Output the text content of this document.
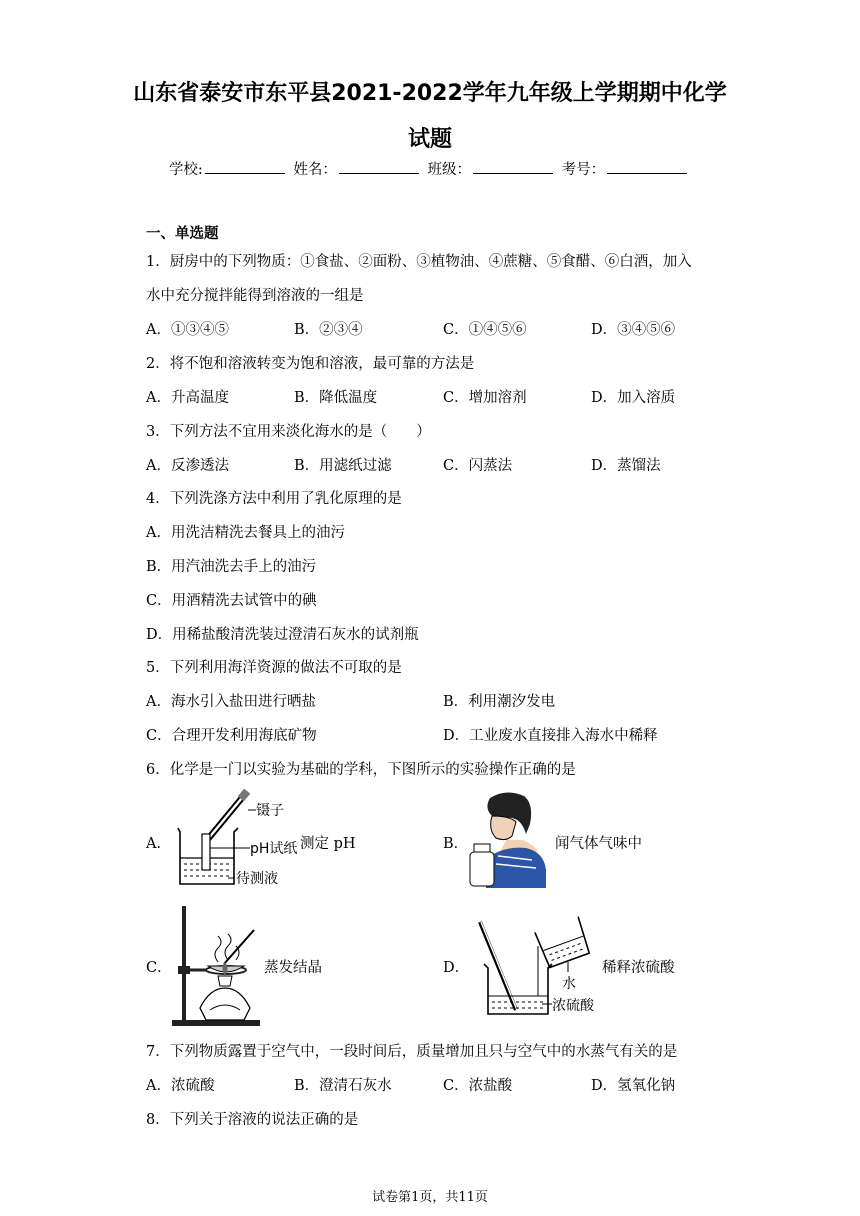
山东省泰安市东平县2021-2022学年九年级上学期期中化学
试题
学校:	姓名：	班级：	考号：
一、单选题
1．厨房中的下列物质：①食盐、②面粉、③植物油、④蔗糖、⑤食醋、⑥白酒，加入
水中充分搅拌能得到溶液的一组是
A．①③④⑤	B．②③④	C．①④⑤⑥	D．③④⑤⑥
2．将不饱和溶液转变为饱和溶液，最可靠的方法是
A．升高温度	B．降低温度	C．增加溶剂	D．加入溶质
3．下列方法不宜用来淡化海水的是（　　）
A．反渗透法	B．用滤纸过滤	C．闪蒸法	D．蒸馏法
4．下列洗涤方法中利用了乳化原理的是
A．用洗洁精洗去餐具上的油污
B．用汽油洗去手上的油污
C．用酒精洗去试管中的碘
D．用稀盐酸清洗装过澄清石灰水的试剂瓶
5．下列利用海洋资源的做法不可取的是
A．海水引入盐田进行晒盐	B．利用潮汐发电
C．合理开发利用海底矿物	D．工业废水直接排入海水中稀释
6．化学是一门以实验为基础的学科，下图所示的实验操作正确的是
A．
镊子
pH试纸
待测液
测定 pH	B．	闻气体气味中
C．	蒸发结晶	D．
水
浓硫酸
稀释浓硫酸
7．下列物质露置于空气中，一段时间后，质量增加且只与空气中的水蒸气有关的是
A．浓硫酸	B．澄清石灰水	C．浓盐酸	D．氢氧化钠
8．下列关于溶液的说法正确的是
试卷第1页，共11页
